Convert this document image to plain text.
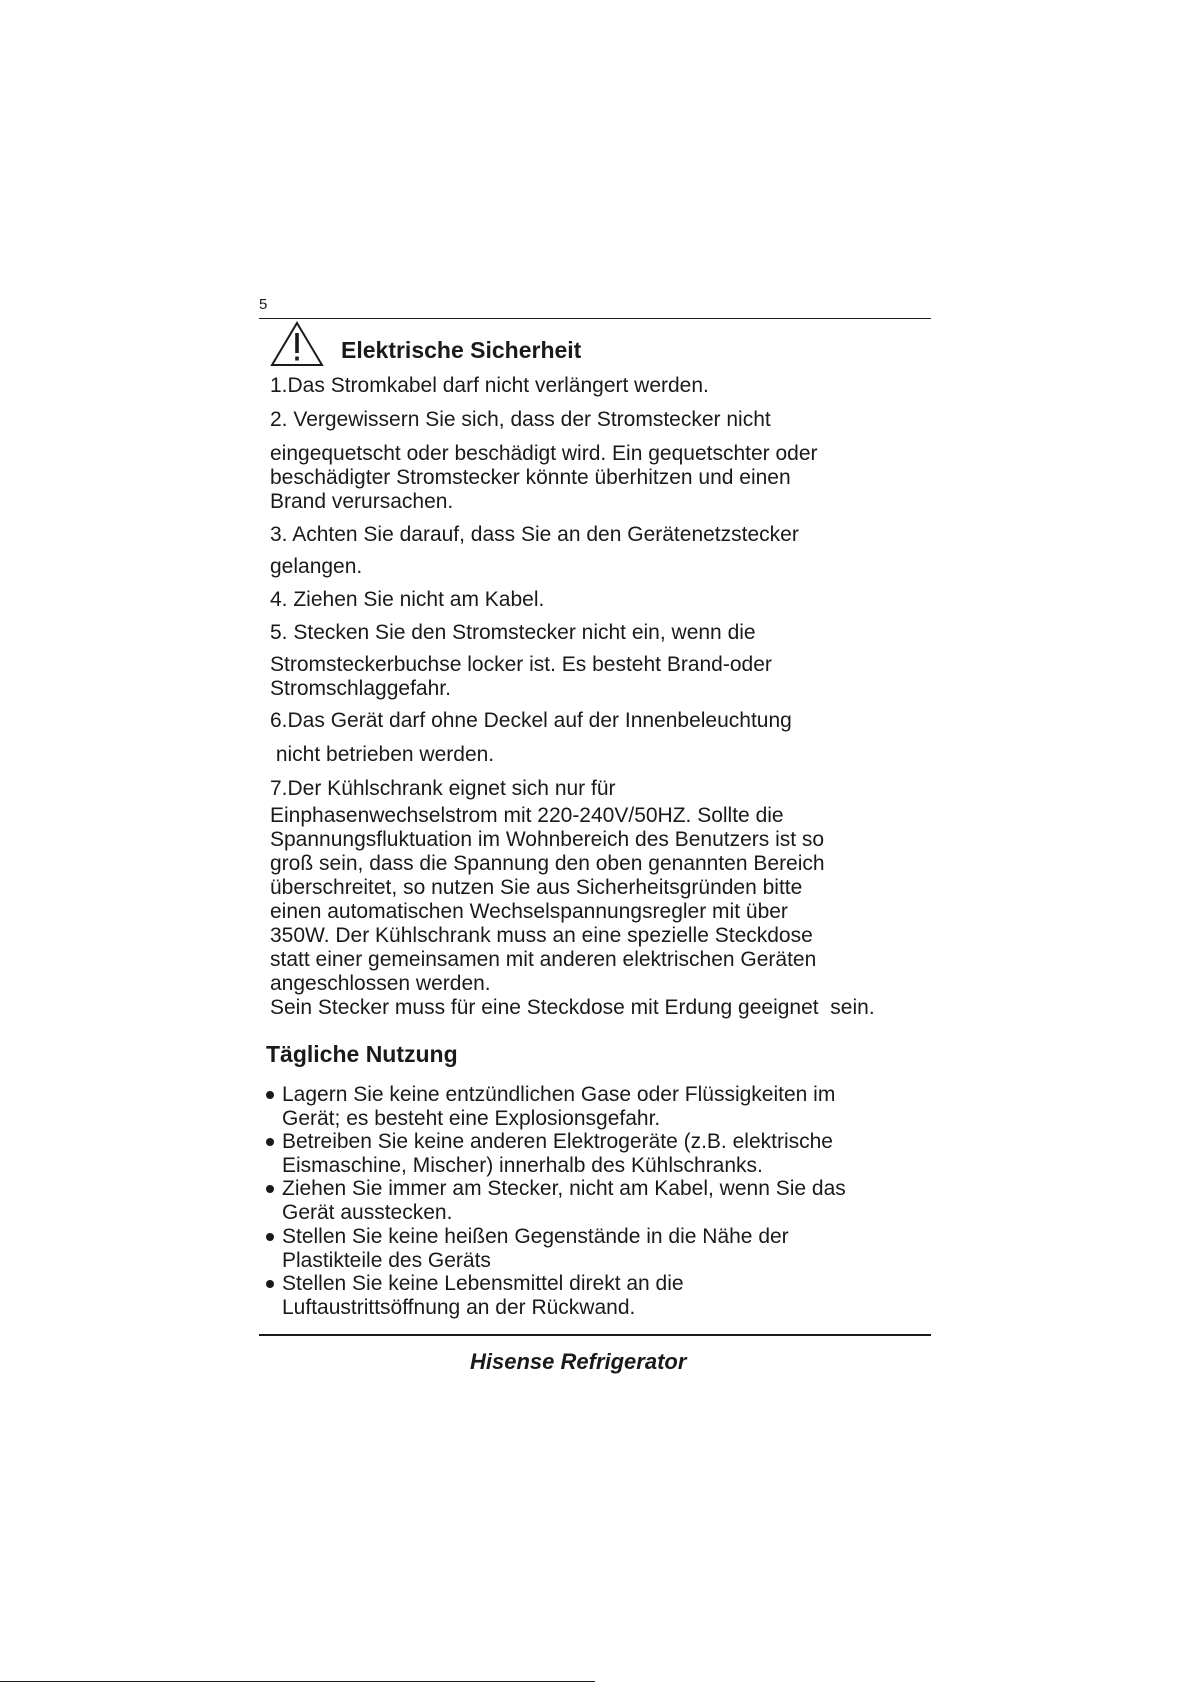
5
Elektrische Sicherheit
1.Das Stromkabel darf nicht verlängert werden.
2. Vergewissern Sie sich, dass der Stromstecker nicht
eingequetscht oder beschädigt wird. Ein gequetschter oder
beschädigter Stromstecker könnte überhitzen und einen
Brand verursachen.
3. Achten Sie darauf, dass Sie an den Gerätenetzstecker
gelangen.
4. Ziehen Sie nicht am Kabel.
5. Stecken Sie den Stromstecker nicht ein, wenn die
Stromsteckerbuchse locker ist. Es besteht Brand-oder
Stromschlaggefahr.
6.Das Gerät darf ohne Deckel auf der Innenbeleuchtung
nicht betrieben werden.
7.Der Kühlschrank eignet sich nur für
Einphasenwechselstrom mit 220-240V/50HZ. Sollte die
Spannungsfluktuation im Wohnbereich des Benutzers ist so
groß sein, dass die Spannung den oben genannten Bereich
überschreitet, so nutzen Sie aus Sicherheitsgründen bitte
einen automatischen Wechselspannungsregler mit über
350W. Der Kühlschrank muss an eine spezielle Steckdose
statt einer gemeinsamen mit anderen elektrischen Geräten
angeschlossen werden.
Sein Stecker muss für eine Steckdose mit Erdung geeignet  sein.
Tägliche Nutzung
Lagern Sie keine entzündlichen Gase oder Flüssigkeiten im
Gerät; es besteht eine Explosionsgefahr.
Betreiben Sie keine anderen Elektrogeräte (z.B. elektrische
Eismaschine, Mischer) innerhalb des Kühlschranks.
Ziehen Sie immer am Stecker, nicht am Kabel, wenn Sie das
Gerät ausstecken.
Stellen Sie keine heißen Gegenstände in die Nähe der
Plastikteile des Geräts
Stellen Sie keine Lebensmittel direkt an die
Luftaustrittsöffnung an der Rückwand.
Hisense Refrigerator
